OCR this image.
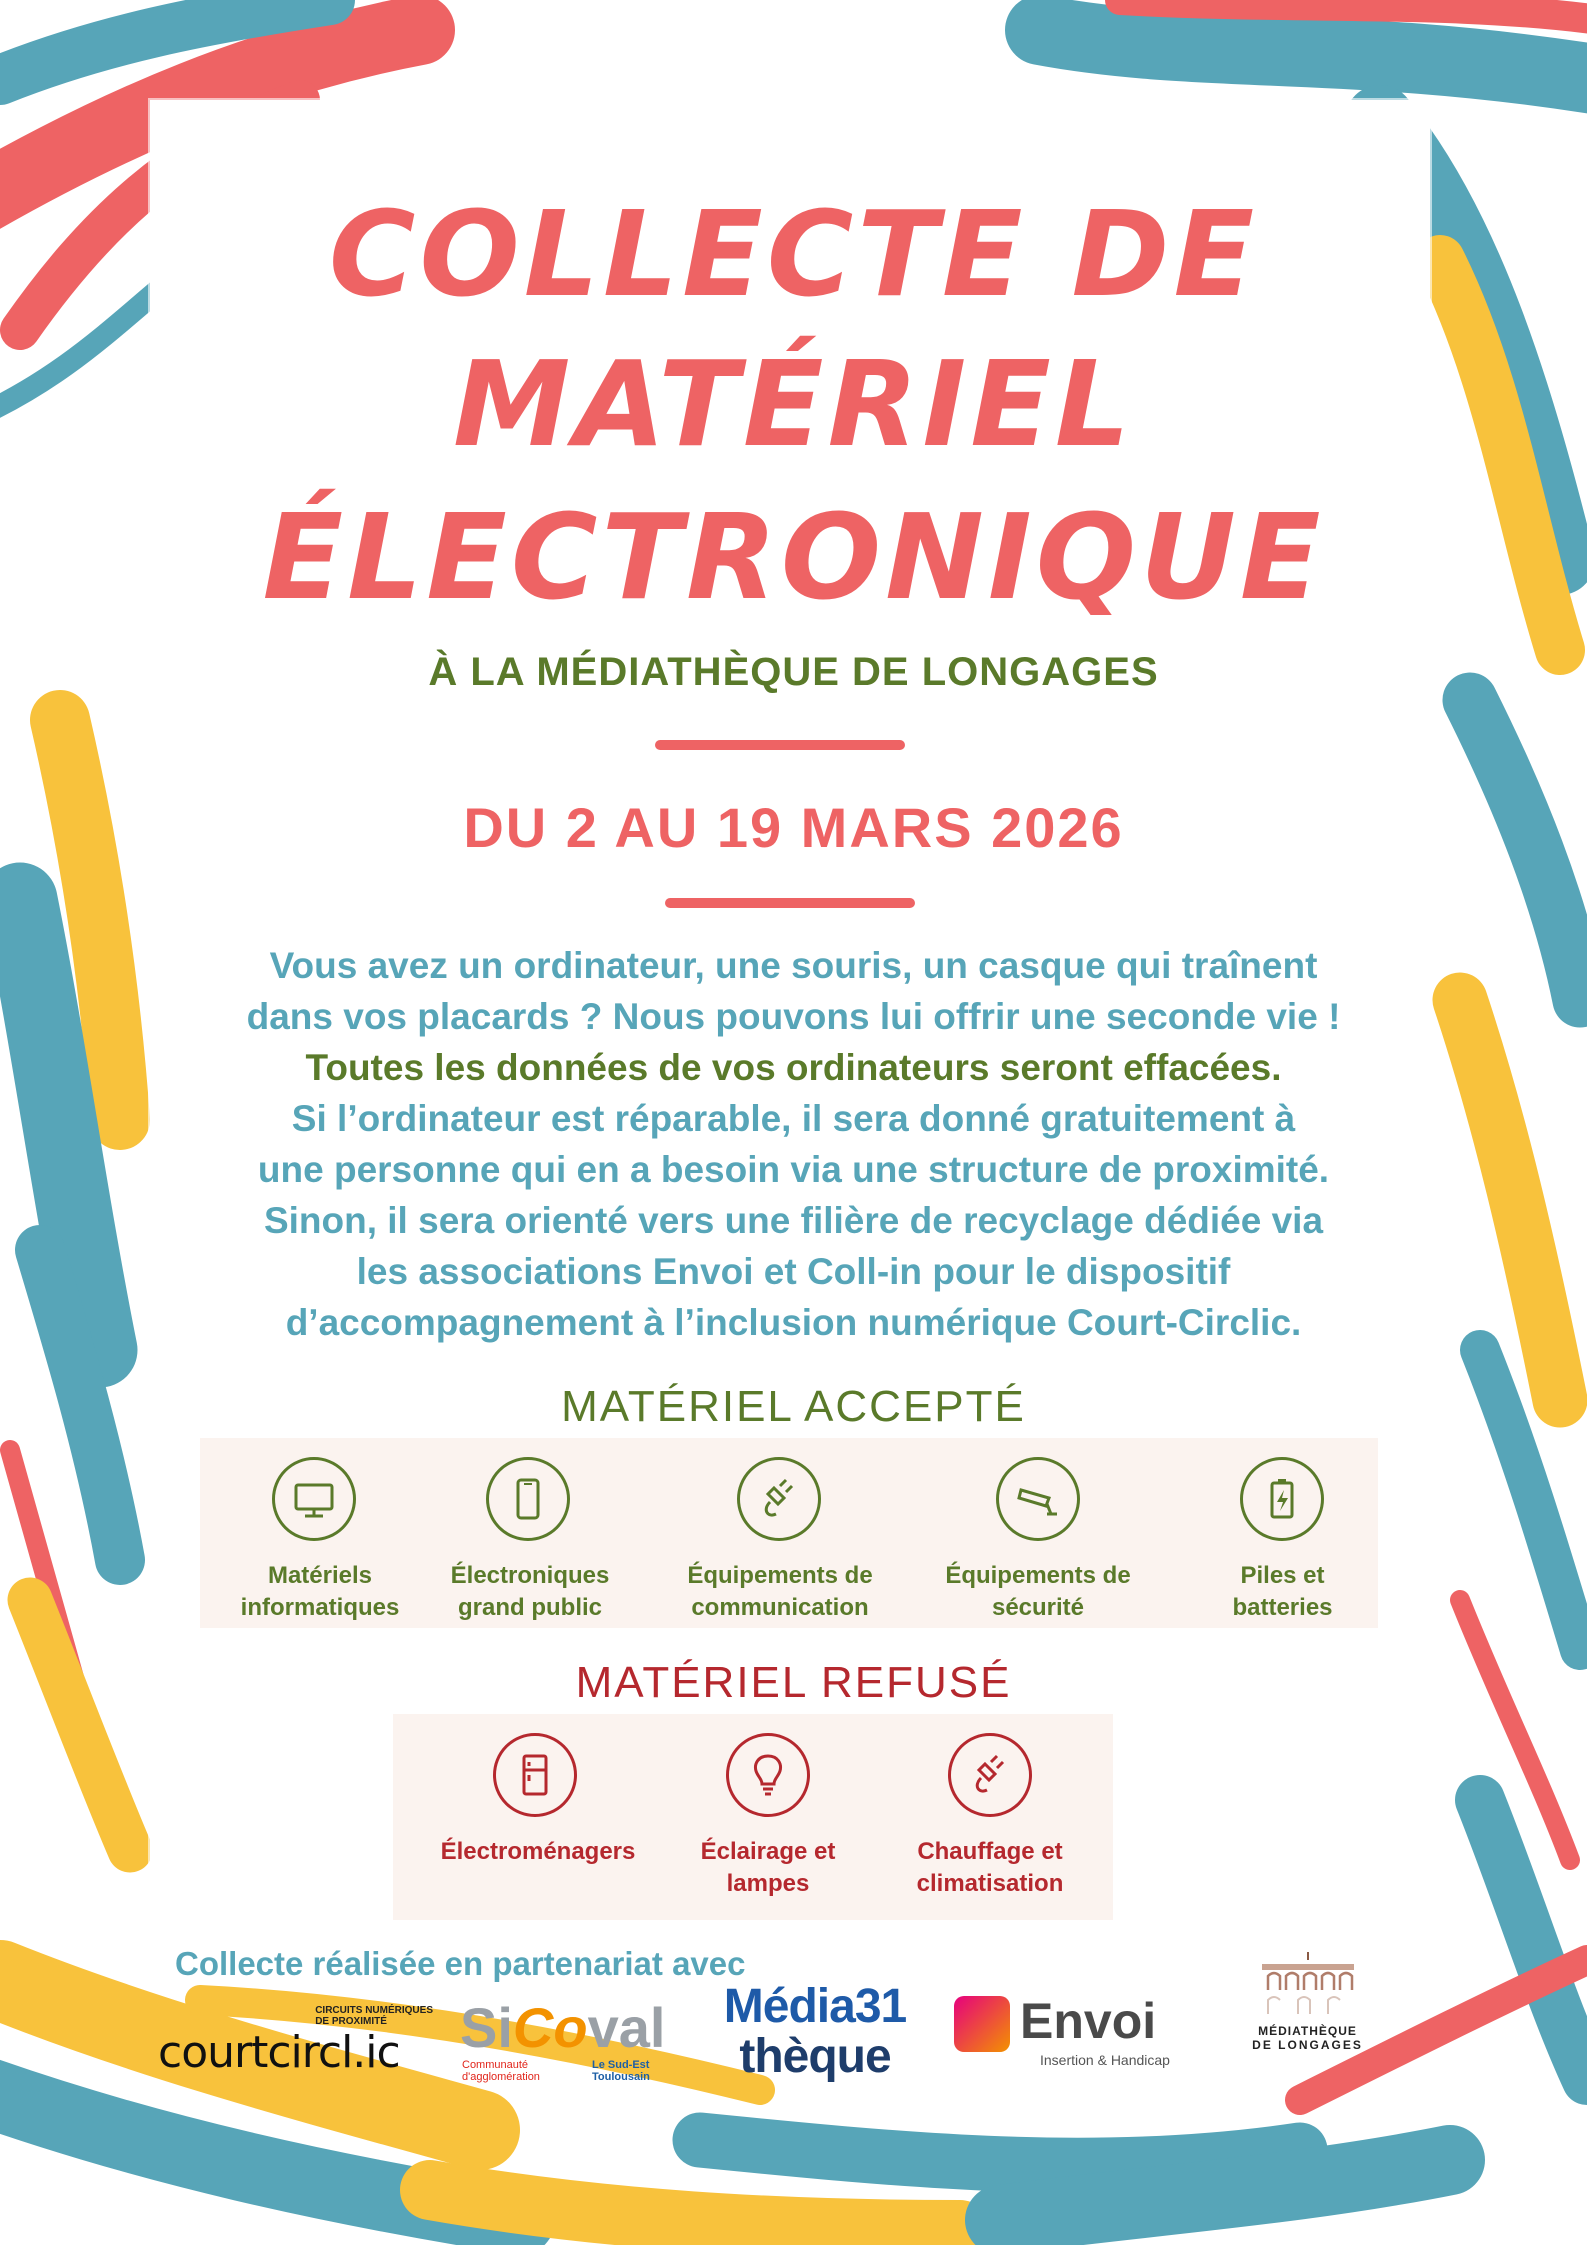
COLLECTE DE
MATÉRIEL
ÉLECTRONIQUE
À LA MÉDIATHÈQUE DE LONGAGES
DU 2 AU 19 MARS 2026
Vous avez un ordinateur, une souris, un casque qui traînent
dans vos placards ? Nous pouvons lui offrir une seconde vie !
Toutes les données de vos ordinateurs seront effacées.
Si l’ordinateur est réparable, il sera donné gratuitement à
une personne qui en a besoin via une structure de proximité.
Sinon, il sera orienté vers une filière de recyclage dédiée via
les associations Envoi et Coll-in pour le dispositif
d’accompagnement à l’inclusion numérique Court-Circlic.
MATÉRIEL ACCEPTÉ
Matériels
informatiques
Électroniques
grand public
Équipements de
communication
Équipements de
sécurité
Piles et
batteries
MATÉRIEL REFUSÉ
Électroménagers	Éclairage et
lampes
Chauffage et
climatisation
Collecte réalisée en partenariat avec
CIRCUITS NUMÉRIQUES
DE PROXIMITÉ
courtcircl.ic SiCoval
Communauté
d'agglomération
Le Sud-Est
Toulousain
Média31
thèque
Envoi
Insertion & Handicap
MÉDIATHÈQUE
DE LONGAGES
